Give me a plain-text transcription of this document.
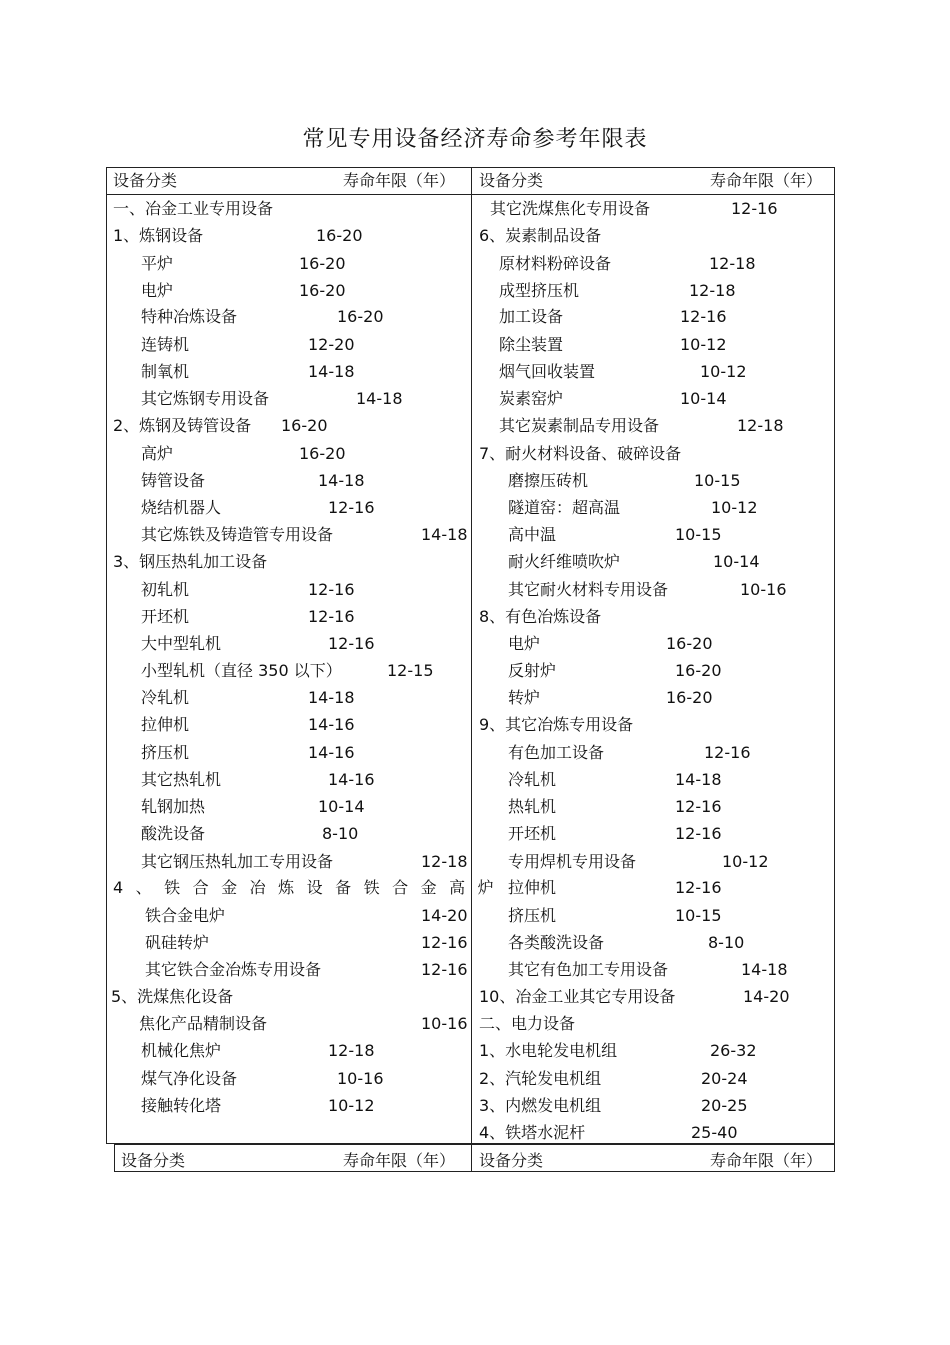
常见专用设备经济寿命参考年限表
设备分类	寿命年限（年） 设备分类	寿命年限（年）
设备分类	寿命年限（年） 设备分类	寿命年限（年）
一、冶金工业专用设备
1、炼钢设备	16-20
平炉	16-20
电炉	16-20
特种冶炼设备	16-20
连铸机	12-20
制氧机	14-18
其它炼钢专用设备	14-18
2、炼钢及铸管设备 16-20
高炉	16-20
铸管设备	14-18
烧结机器人	12-16
其它炼铁及铸造管专用设备	14-18
3、钢压热轧加工设备
初轧机	12-16
开坯机	12-16
大中型轧机	12-16
小型轧机（直径 350 以下）	12-15
冷轧机	14-18
拉伸机	14-16
挤压机	14-16
其它热轧机	14-16
轧钢加热	10-14
酸洗设备	8-10
其它钢压热轧加工专用设备	12-18
4、铁合金冶炼设备铁合金高炉
铁合金电炉	14-20
矾硅转炉	12-16
其它铁合金冶炼专用设备	12-16
5、洗煤焦化设备
焦化产品精制设备	10-16
机械化焦炉	12-18
煤气净化设备	10-16
接触转化塔	10-12
其它洗煤焦化专用设备	12-16
6、炭素制品设备
原材料粉碎设备	12-18
成型挤压机	12-18
加工设备	12-16
除尘装置	10-12
烟气回收装置	10-12
炭素窑炉	10-14
其它炭素制品专用设备	12-18
7、耐火材料设备、破碎设备
磨擦压砖机	10-15
隧道窑：超高温	10-12
高中温	10-15
耐火纤维喷吹炉	10-14
其它耐火材料专用设备	10-16
8、有色冶炼设备
电炉	16-20
反射炉	16-20
转炉	16-20
9、其它冶炼专用设备
有色加工设备	12-16
冷轧机	14-18
热轧机	12-16
开坯机	12-16
专用焊机专用设备	10-12
拉伸机	12-16
挤压机	10-15
各类酸洗设备	8-10
其它有色加工专用设备	14-18
10、冶金工业其它专用设备	14-20
二、电力设备
1、水电轮发电机组	26-32
2、汽轮发电机组	20-24
3、内燃发电机组	20-25
4、铁塔水泥杆	25-40
